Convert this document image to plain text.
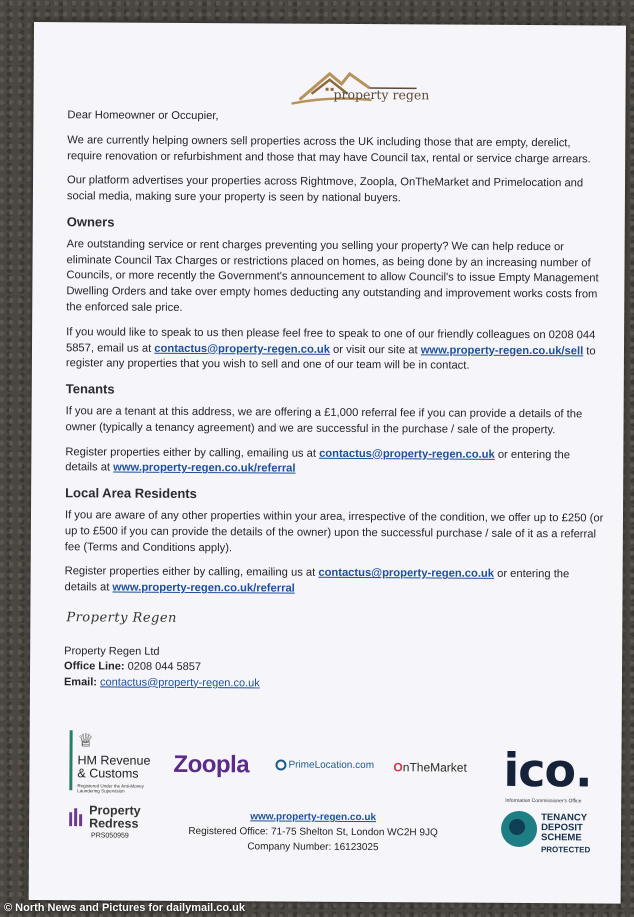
property regen

Dear Homeowner or Occupier,

We are currently helping owners sell properties across the UK including those that are empty, derelict, require renovation or refurbishment and those that may have Council tax, rental or service charge arrears.

Our platform advertises your properties across Rightmove, Zoopla, OnTheMarket and Primelocation and social media, making sure your property is seen by national buyers.

Owners

Are outstanding service or rent charges preventing you selling your property? We can help reduce or eliminate Council Tax Charges or restrictions placed on homes, as being done by an increasing number of Councils, or more recently the Government's announcement to allow Council's to issue Empty Management Dwelling Orders and take over empty homes deducting any outstanding and improvement works costs from the enforced sale price.

If you would like to speak to us then please feel free to speak to one of our friendly colleagues on 0208 044 5857, email us at contactus@property-regen.co.uk or visit our site at www.property-regen.co.uk/sell to register any properties that you wish to sell and one of our team will be in contact.

Tenants

If you are a tenant at this address, we are offering a £1,000 referral fee if you can provide a details of the owner (typically a tenancy agreement) and we are successful in the purchase / sale of the property.

Register properties either by calling, emailing us at contactus@property-regen.co.uk or entering the details at www.property-regen.co.uk/referral

Local Area Residents

If you are aware of any other properties within your area, irrespective of the condition, we offer up to £250 (or up to £500 if you can provide the details of the owner) upon the successful purchase / sale of it as a referral fee (Terms and Conditions apply).

Register properties either by calling, emailing us at contactus@property-regen.co.uk or entering the details at www.property-regen.co.uk/referral

Property Regen
Property Regen Ltd
Office Line: 0208 044 5857
Email: contactus@property-regen.co.uk
♕
HM Revenue
& Customs
Registered Under the Anti-Money Laundering Supervision
Zoopla	PrimeLocation.com OnTheMarket ico.
Information Commissioner's Office
Property
Redress
PRS050959
www.property-regen.co.uk
Registered Office: 71-75 Shelton St, London WC2H 9JQ
Company Number: 16123025
TENANCY
DEPOSIT
SCHEME
PROTECTED
© North News and Pictures for dailymail.co.uk
